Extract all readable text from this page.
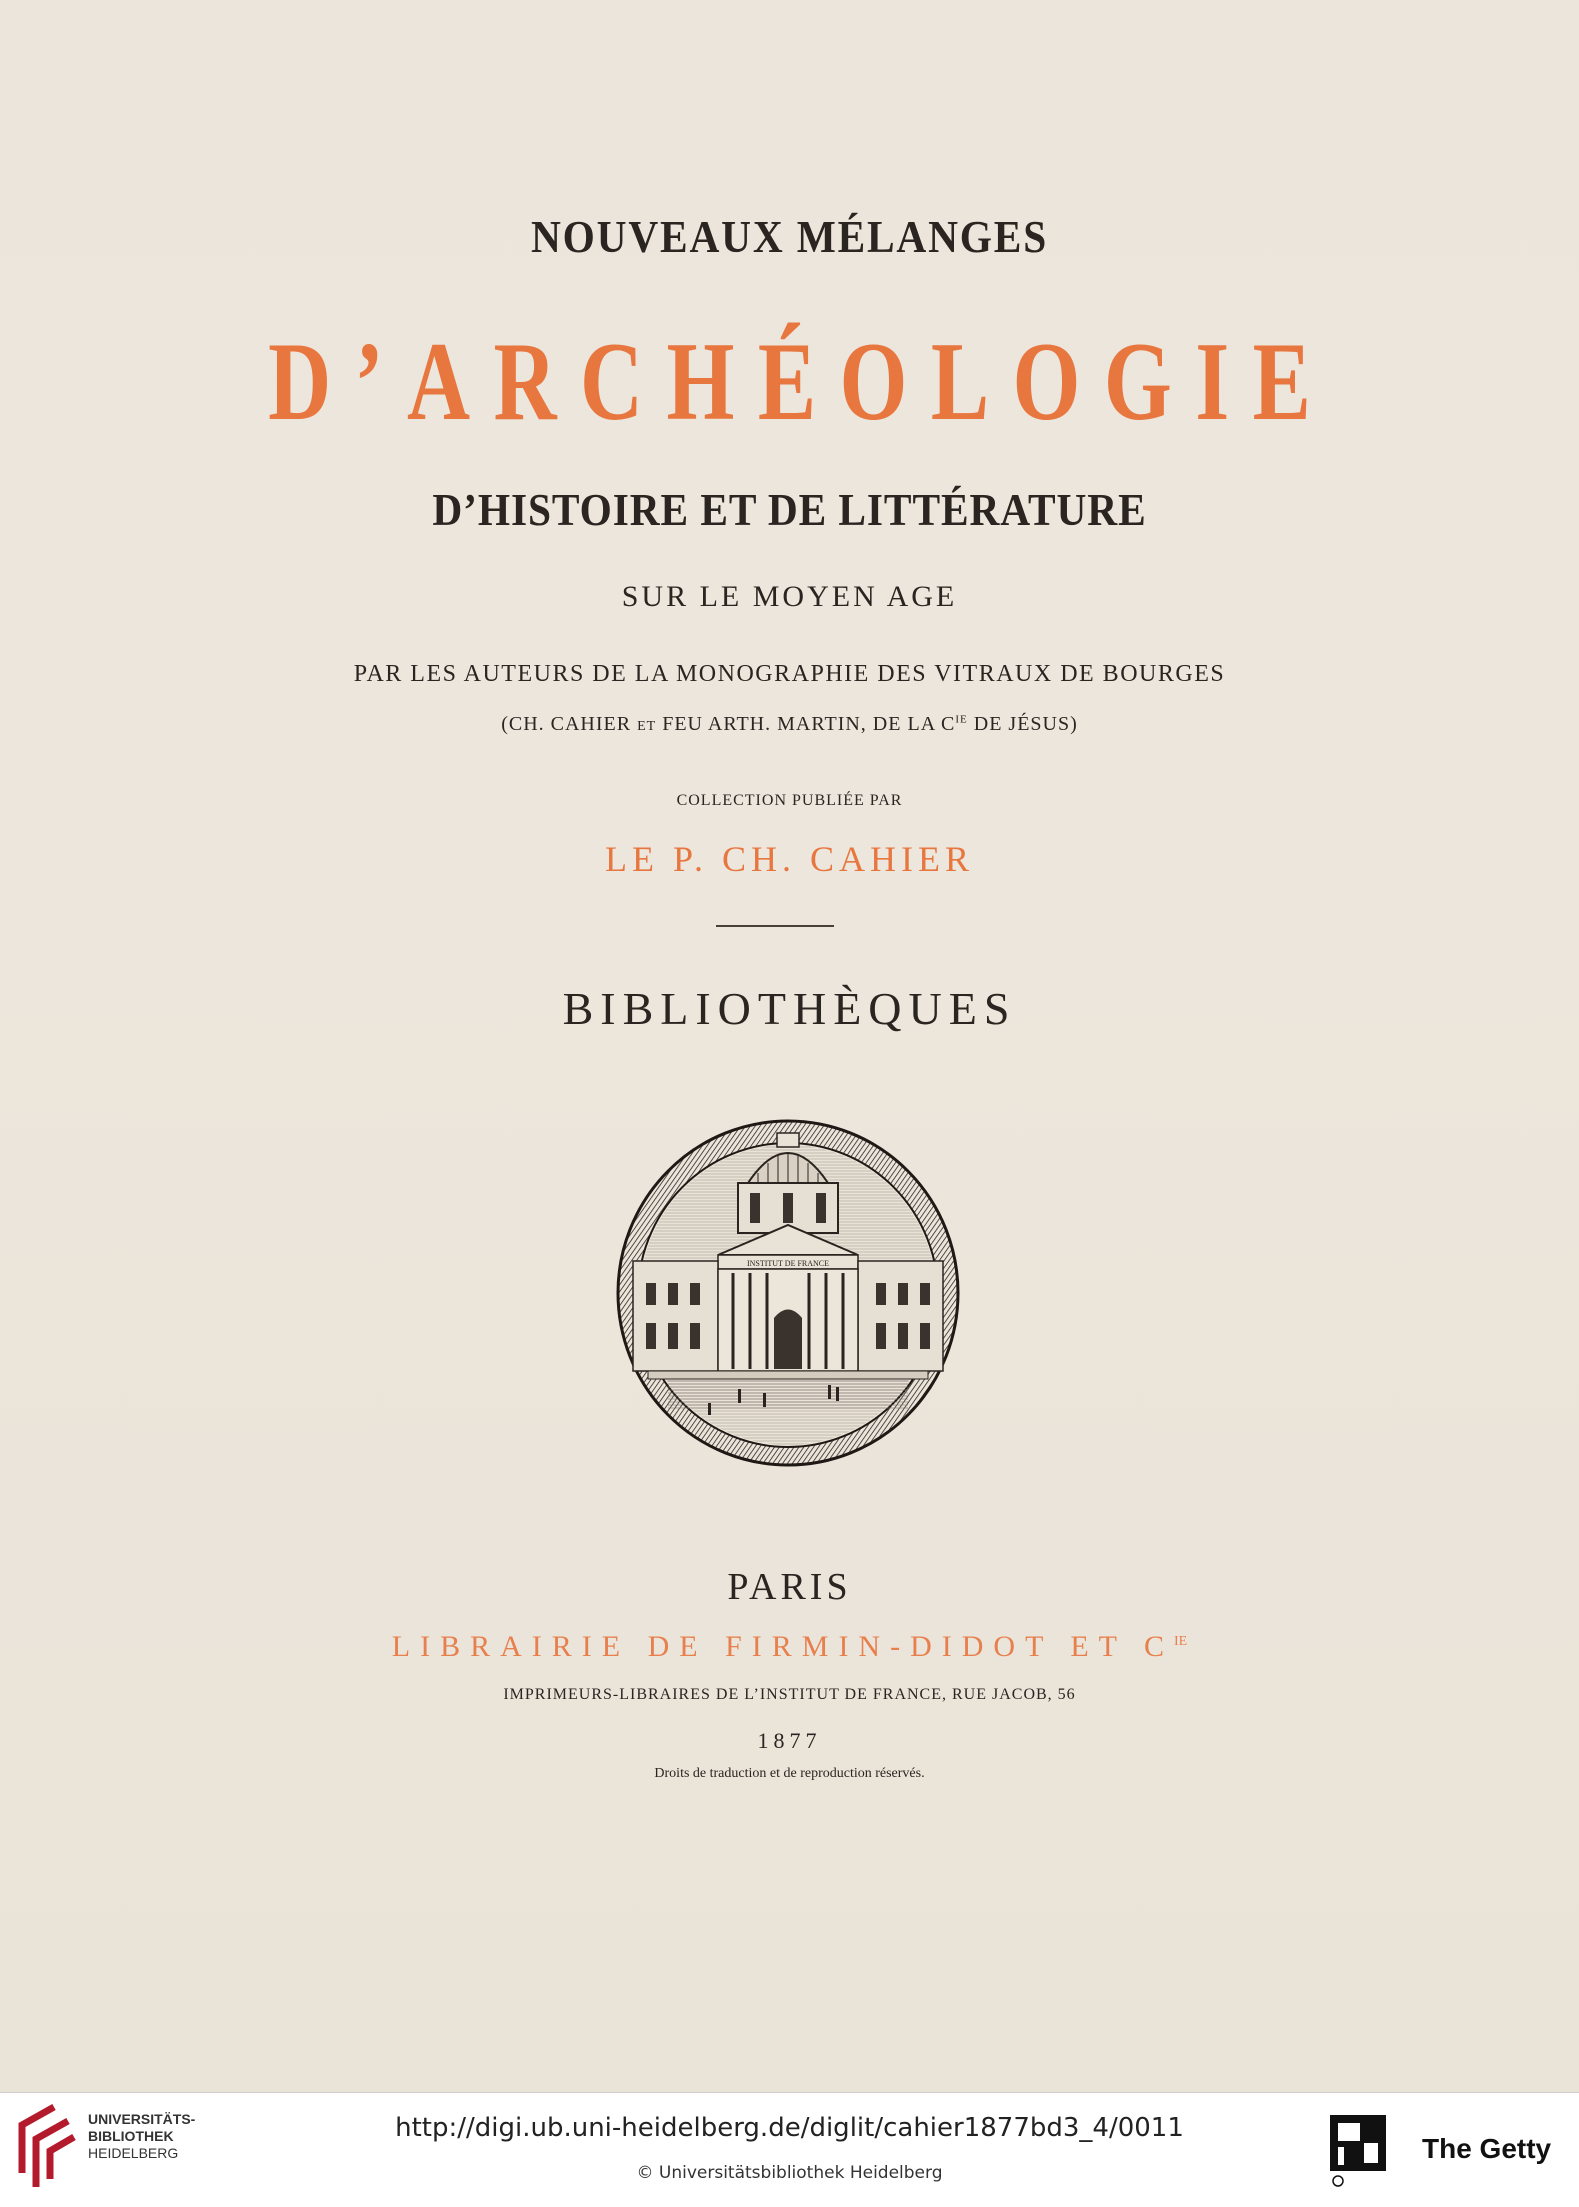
NOUVEAUX MÉLANGES
D’ARCHÉOLOGIE
D’HISTOIRE ET DE LITTÉRATURE
SUR LE MOYEN AGE
PAR LES AUTEURS DE LA MONOGRAPHIE DES VITRAUX DE BOURGES
(CH. CAHIER ET FEU ARTH. MARTIN, DE LA $C^{IE}$ DE JÉSUS)
COLLECTION PUBLIÉE PAR
LE P. CH. CAHIER
BIBLIOTHÈQUES
INSTITUT DE FRANCE
PARIS
LIBRAIRIE DE FIRMIN-DIDOT ET $C^{IE}$
IMPRIMEURS-LIBRAIRES DE L’INSTITUT DE FRANCE, RUE JACOB, 56
1877
Droits de traduction et de reproduction réservés.
UNIVERSITÄTS-
BIBLIOTHEK
HEIDELBERG
http://digi.ub.uni-heidelberg.de/diglit/cahier1877bd3_4/0011
© Universitätsbibliothek Heidelberg
The Getty
